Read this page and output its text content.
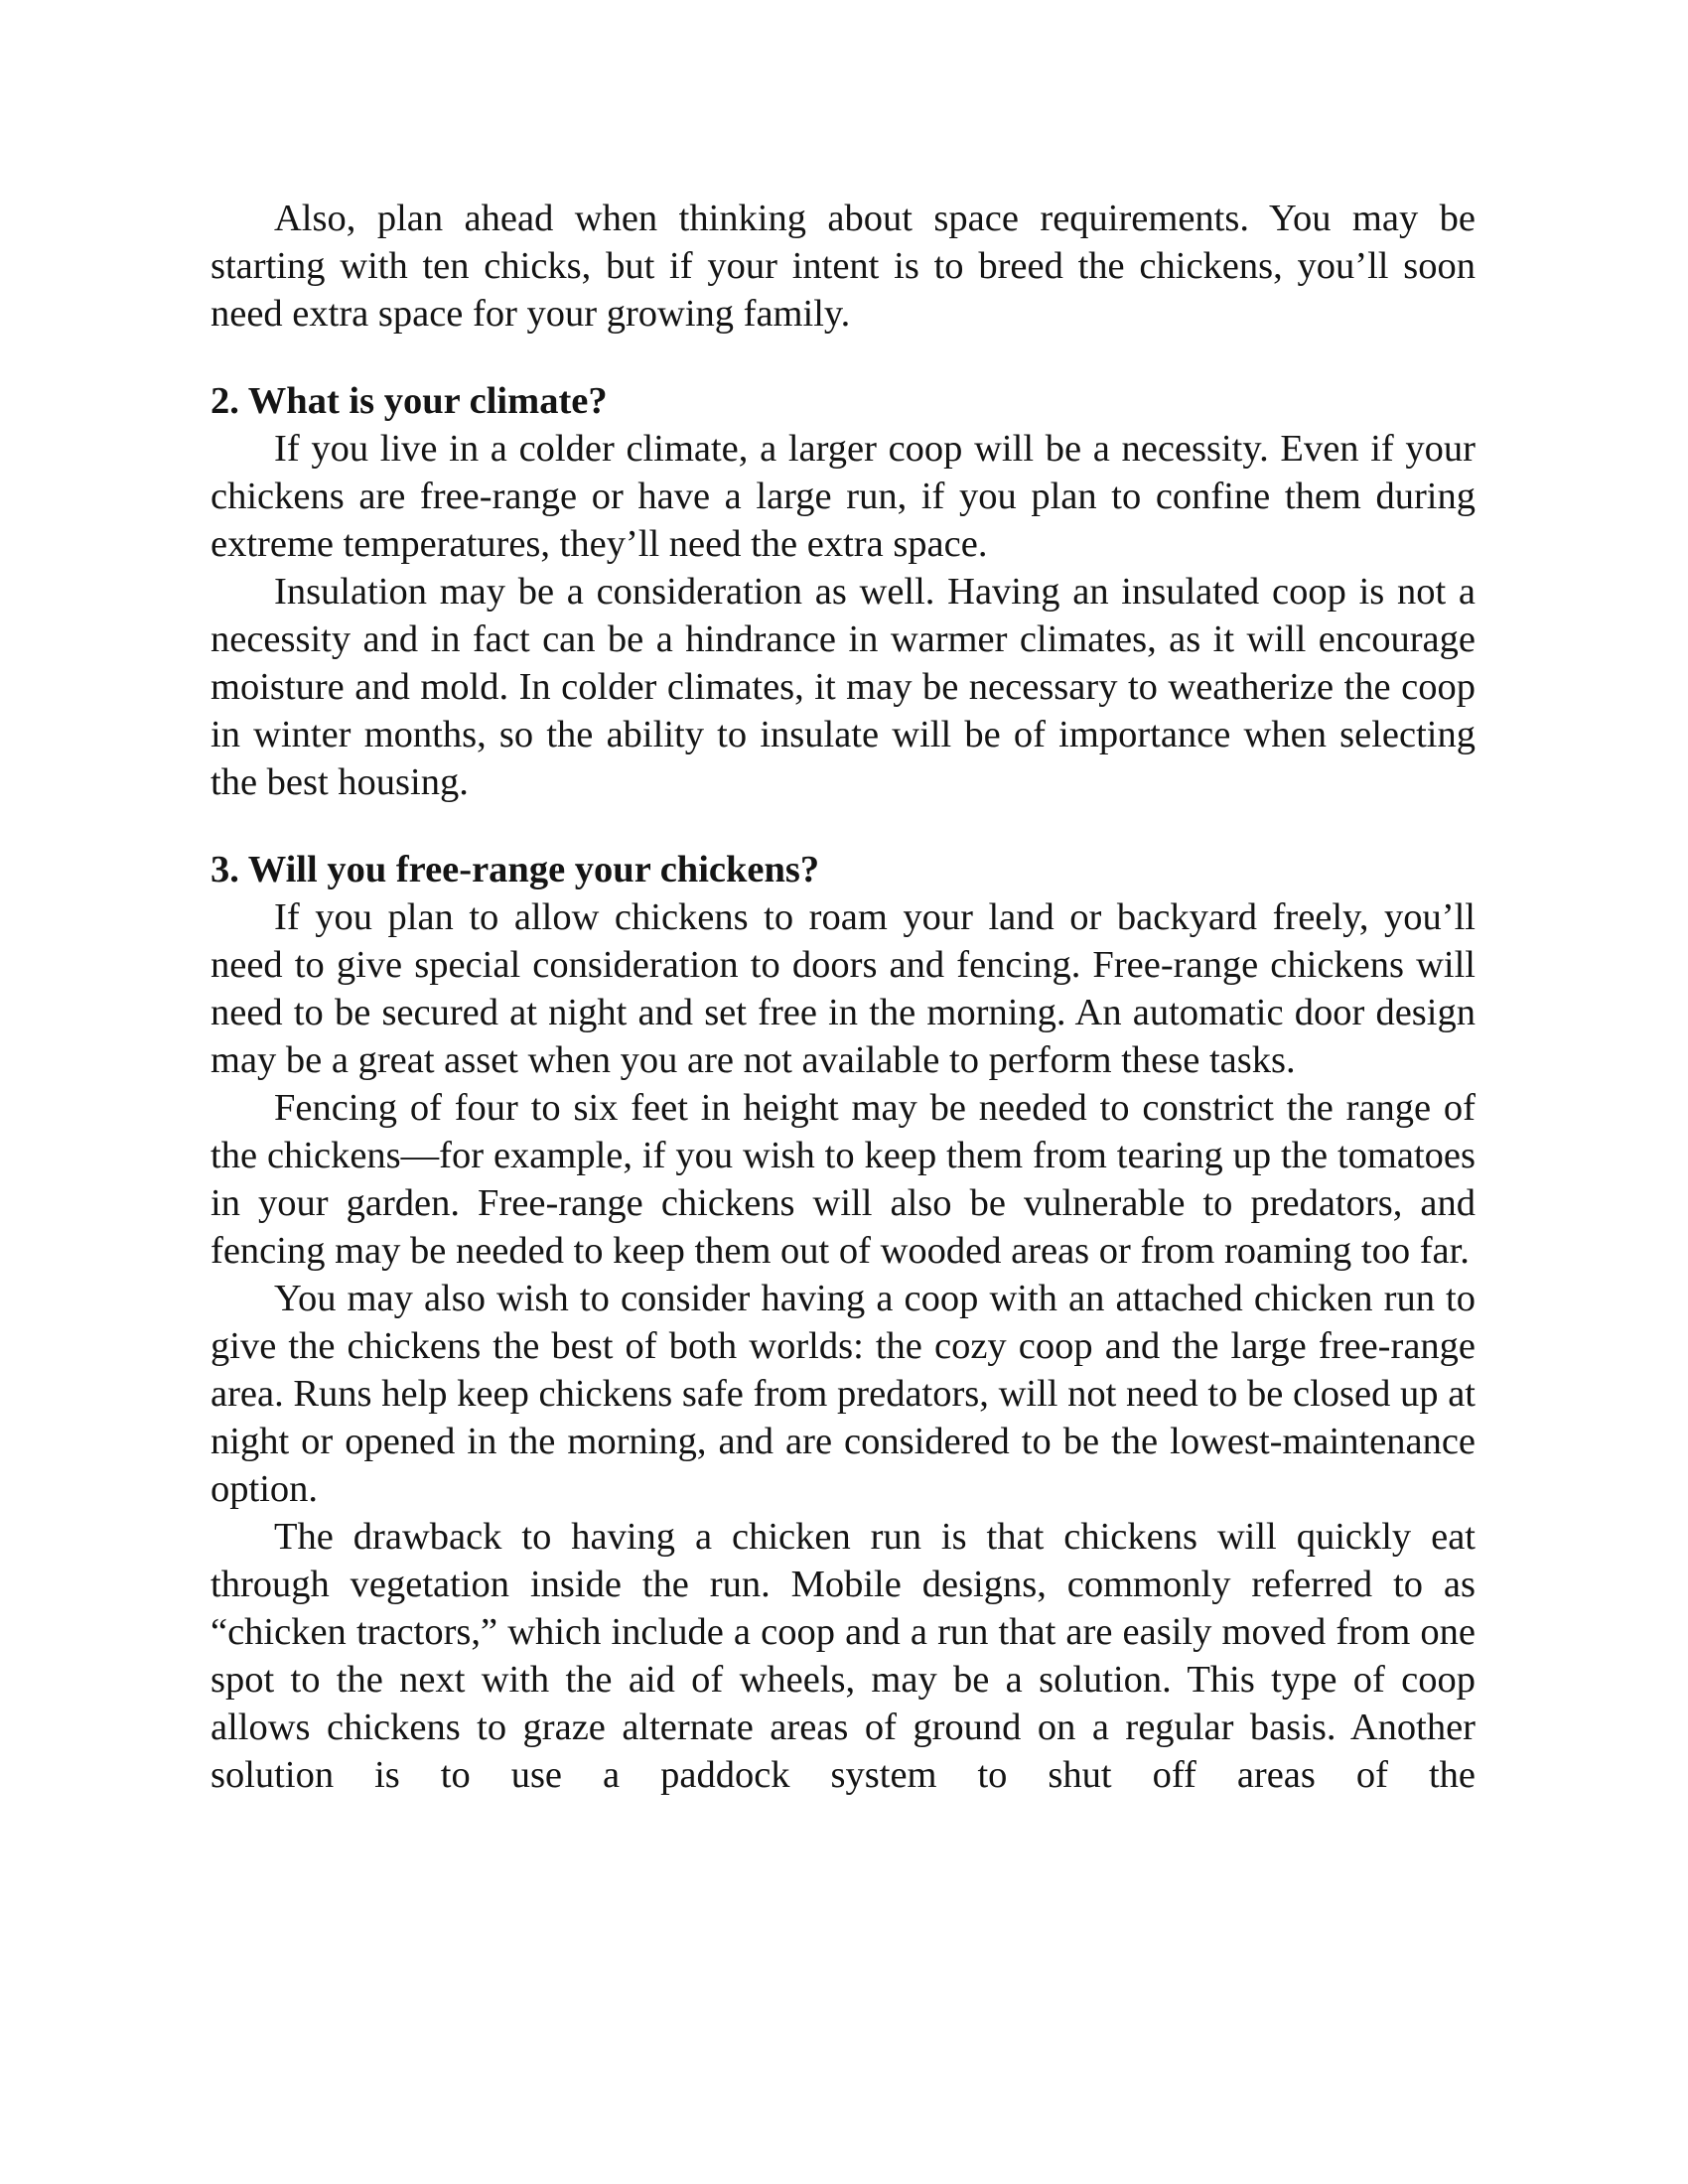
Also, plan ahead when thinking about space requirements. You may be starting with ten chicks, but if your intent is to breed the chickens, you’ll soon need extra space for your growing family.

2. What is your climate?

If you live in a colder climate, a larger coop will be a necessity. Even if your chickens are free-range or have a large run, if you plan to confine them during extreme temperatures, they’ll need the extra space.

Insulation may be a consideration as well. Having an insulated coop is not a necessity and in fact can be a hindrance in warmer climates, as it will encourage moisture and mold. In colder climates, it may be necessary to weatherize the coop in winter months, so the ability to insulate will be of importance when selecting the best housing.

3. Will you free-range your chickens?

If you plan to allow chickens to roam your land or backyard freely, you’ll need to give special consideration to doors and fencing. Free-range chickens will need to be secured at night and set free in the morning. An automatic door design may be a great asset when you are not available to perform these tasks.

Fencing of four to six feet in height may be needed to constrict the range of the chickens—for example, if you wish to keep them from tearing up the tomatoes in your garden. Free-range chickens will also be vulnerable to predators, and fencing may be needed to keep them out of wooded areas or from roaming too far.

You may also wish to consider having a coop with an attached chicken run to give the chickens the best of both worlds: the cozy coop and the large free-range area. Runs help keep chickens safe from predators, will not need to be closed up at night or opened in the morning, and are considered to be the lowest-maintenance option.

The drawback to having a chicken run is that chickens will quickly eat through vegetation inside the run. Mobile designs, commonly referred to as “chicken tractors,” which include a coop and a run that are easily moved from one spot to the next with the aid of wheels, may be a solution. This type of coop allows chickens to graze alternate areas of ground on a regular basis. Another solution is to use a paddock system to shut off areas of the
